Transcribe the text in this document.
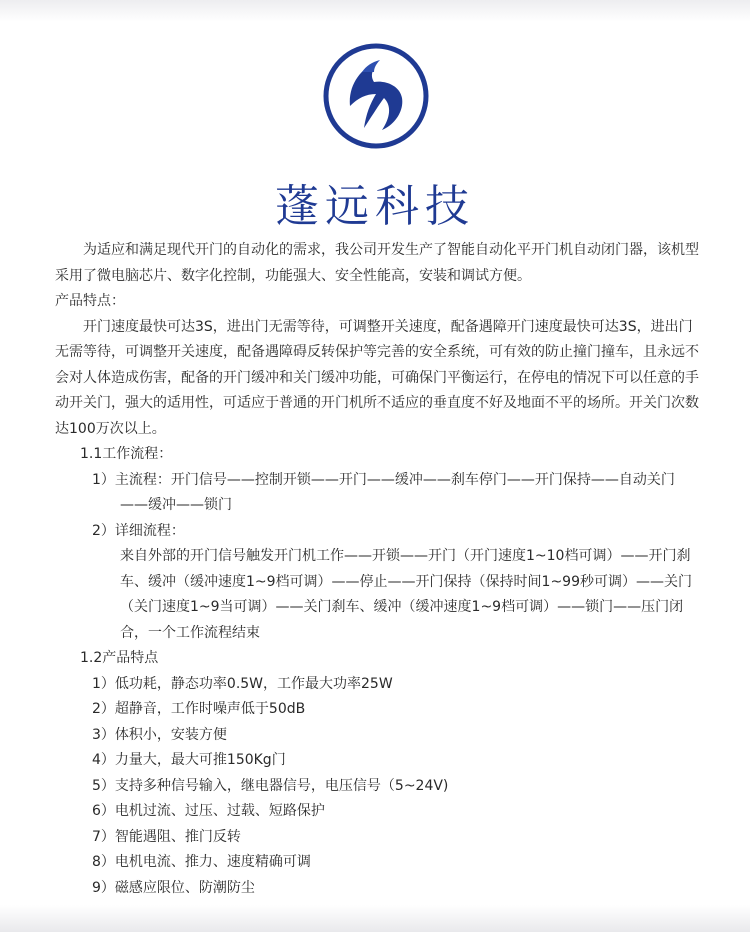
蓬远科技

为适应和满足现代开门的自动化的需求，我公司开发生产了智能自动化平开门机自动闭门器，该机型采用了微电脑芯片、数字化控制，功能强大、安全性能高，安装和调试方便。

产品特点：

开门速度最快可达3S，进出门无需等待，可调整开关速度，配备遇障开门速度最快可达3S，进出门无需等待，可调整开关速度，配备遇障碍反转保护等完善的安全系统，可有效的防止撞门撞车，且永远不会对人体造成伤害，配备的开门缓冲和关门缓冲功能，可确保门平衡运行，在停电的情况下可以任意的手动开关门，强大的适用性，可适应于普通的开门机所不适应的垂直度不好及地面不平的场所。开关门次数达100万次以上。

1.1工作流程：

1）主流程：开门信号——控制开锁——开门——缓冲——刹车停门——开门保持——自动关门——缓冲——锁门

2）详细流程：

来自外部的开门信号触发开门机工作——开锁——开门（开门速度1~10档可调）——开门刹车、缓冲（缓冲速度1~9档可调）——停止——开门保持（保持时间1~99秒可调）——关门（关门速度1~9当可调）——关门刹车、缓冲（缓冲速度1~9档可调）——锁门——压门闭合，一个工作流程结束

1.2产品特点

1）低功耗，静态功率0.5W，工作最大功率25W

2）超静音，工作时噪声低于50dB

3）体积小，安装方便

4）力量大，最大可推150Kg门

5）支持多种信号输入，继电器信号，电压信号（5~24V)

6）电机过流、过压、过载、短路保护

7）智能遇阻、推门反转

8）电机电流、推力、速度精确可调

9）磁感应限位、防潮防尘
